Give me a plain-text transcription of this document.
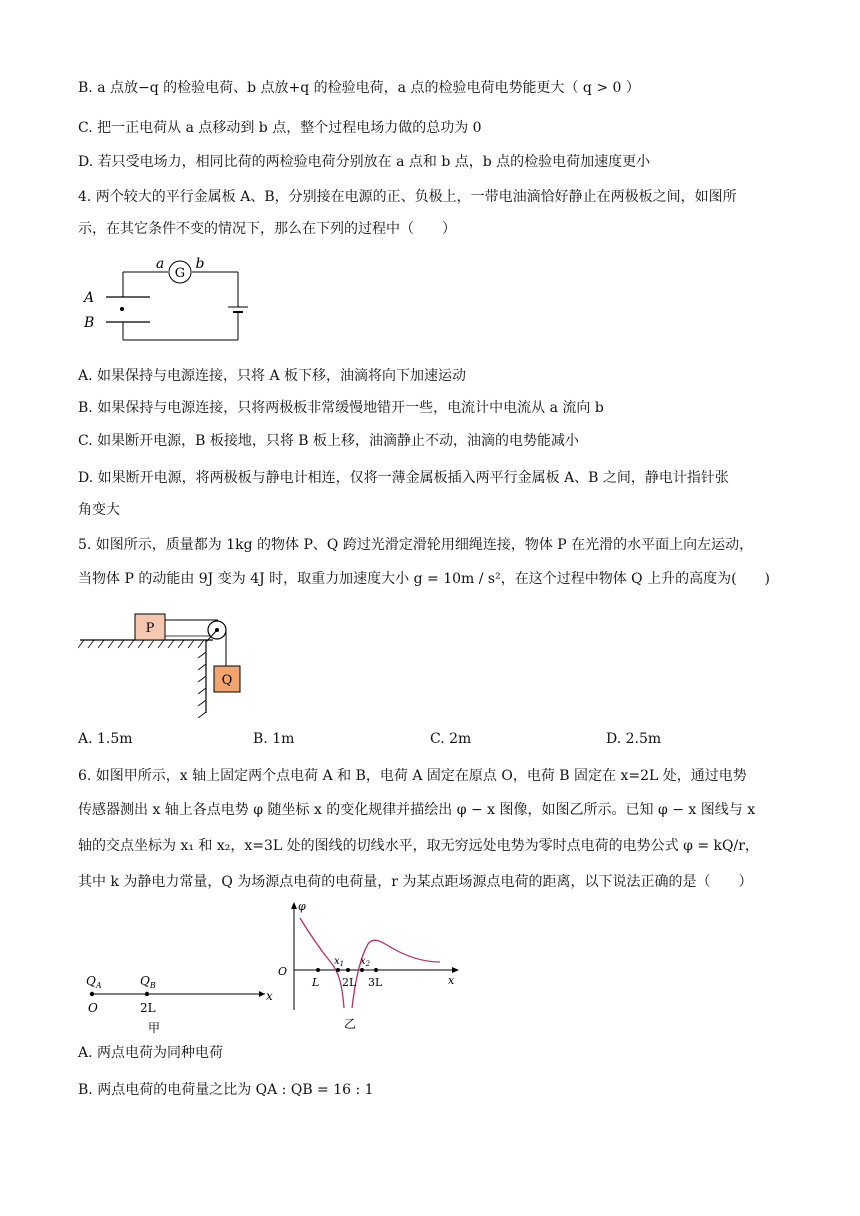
B. a 点放−q 的检验电荷、b 点放+q 的检验电荷，a 点的检验电荷电势能更大（ q > 0 ）
C. 把一正电荷从 a 点移动到 b 点，整个过程电场力做的总功为 0
D. 若只受电场力，相同比荷的两检验电荷分别放在 a 点和 b 点，b 点的检验电荷加速度更小
4. 两个较大的平行金属板 A、B，分别接在电源的正、负极上，一带电油滴恰好静止在两极板之间，如图所
示，在其它条件不变的情况下，那么在下列的过程中（　　）
G
a b
A
B
A. 如果保持与电源连接，只将 A 板下移，油滴将向下加速运动
B. 如果保持与电源连接，只将两极板非常缓慢地错开一些，电流计中电流从 a 流向 b
C. 如果断开电源，B 板接地，只将 B 板上移，油滴静止不动，油滴的电势能减小
D. 如果断开电源，将两极板与静电计相连，仅将一薄金属板插入两平行金属板 A、B 之间，静电计指针张
角变大
5. 如图所示，质量都为 1kg 的物体 P、Q 跨过光滑定滑轮用细绳连接，物体 P 在光滑的水平面上向左运动，
当物体 P 的动能由 9J 变为 4J 时，取重力加速度大小 g = 10m / s²，在这个过程中物体 Q 上升的高度为(　　)
P
Q
A. 1.5m	B. 1m	C. 2m	D. 2.5m
6. 如图甲所示，x 轴上固定两个点电荷 A 和 B，电荷 A 固定在原点 O，电荷 B 固定在 x=2L 处，通过电势
传感器测出 x 轴上各点电势 φ 随坐标 x 的变化规律并描绘出 φ − x 图像，如图乙所示。已知 φ − x 图线与 x
轴的交点坐标为 x₁ 和 x₂，x=3L 处的图线的切线水平，取无穷远处电势为零时点电荷的电势公式 φ = kQ/r，
其中 k 为静电力常量，Q 为场源点电荷的电荷量，r 为某点距场源点电荷的距离，以下说法正确的是（　　）
$Q_A$	$Q_B$
O	2L
x
甲
φ
O
x
L 2L 3L
$x_1$ $x_2$
乙
A. 两点电荷为同种电荷
B. 两点电荷的电荷量之比为 QA : QB = 16 : 1
